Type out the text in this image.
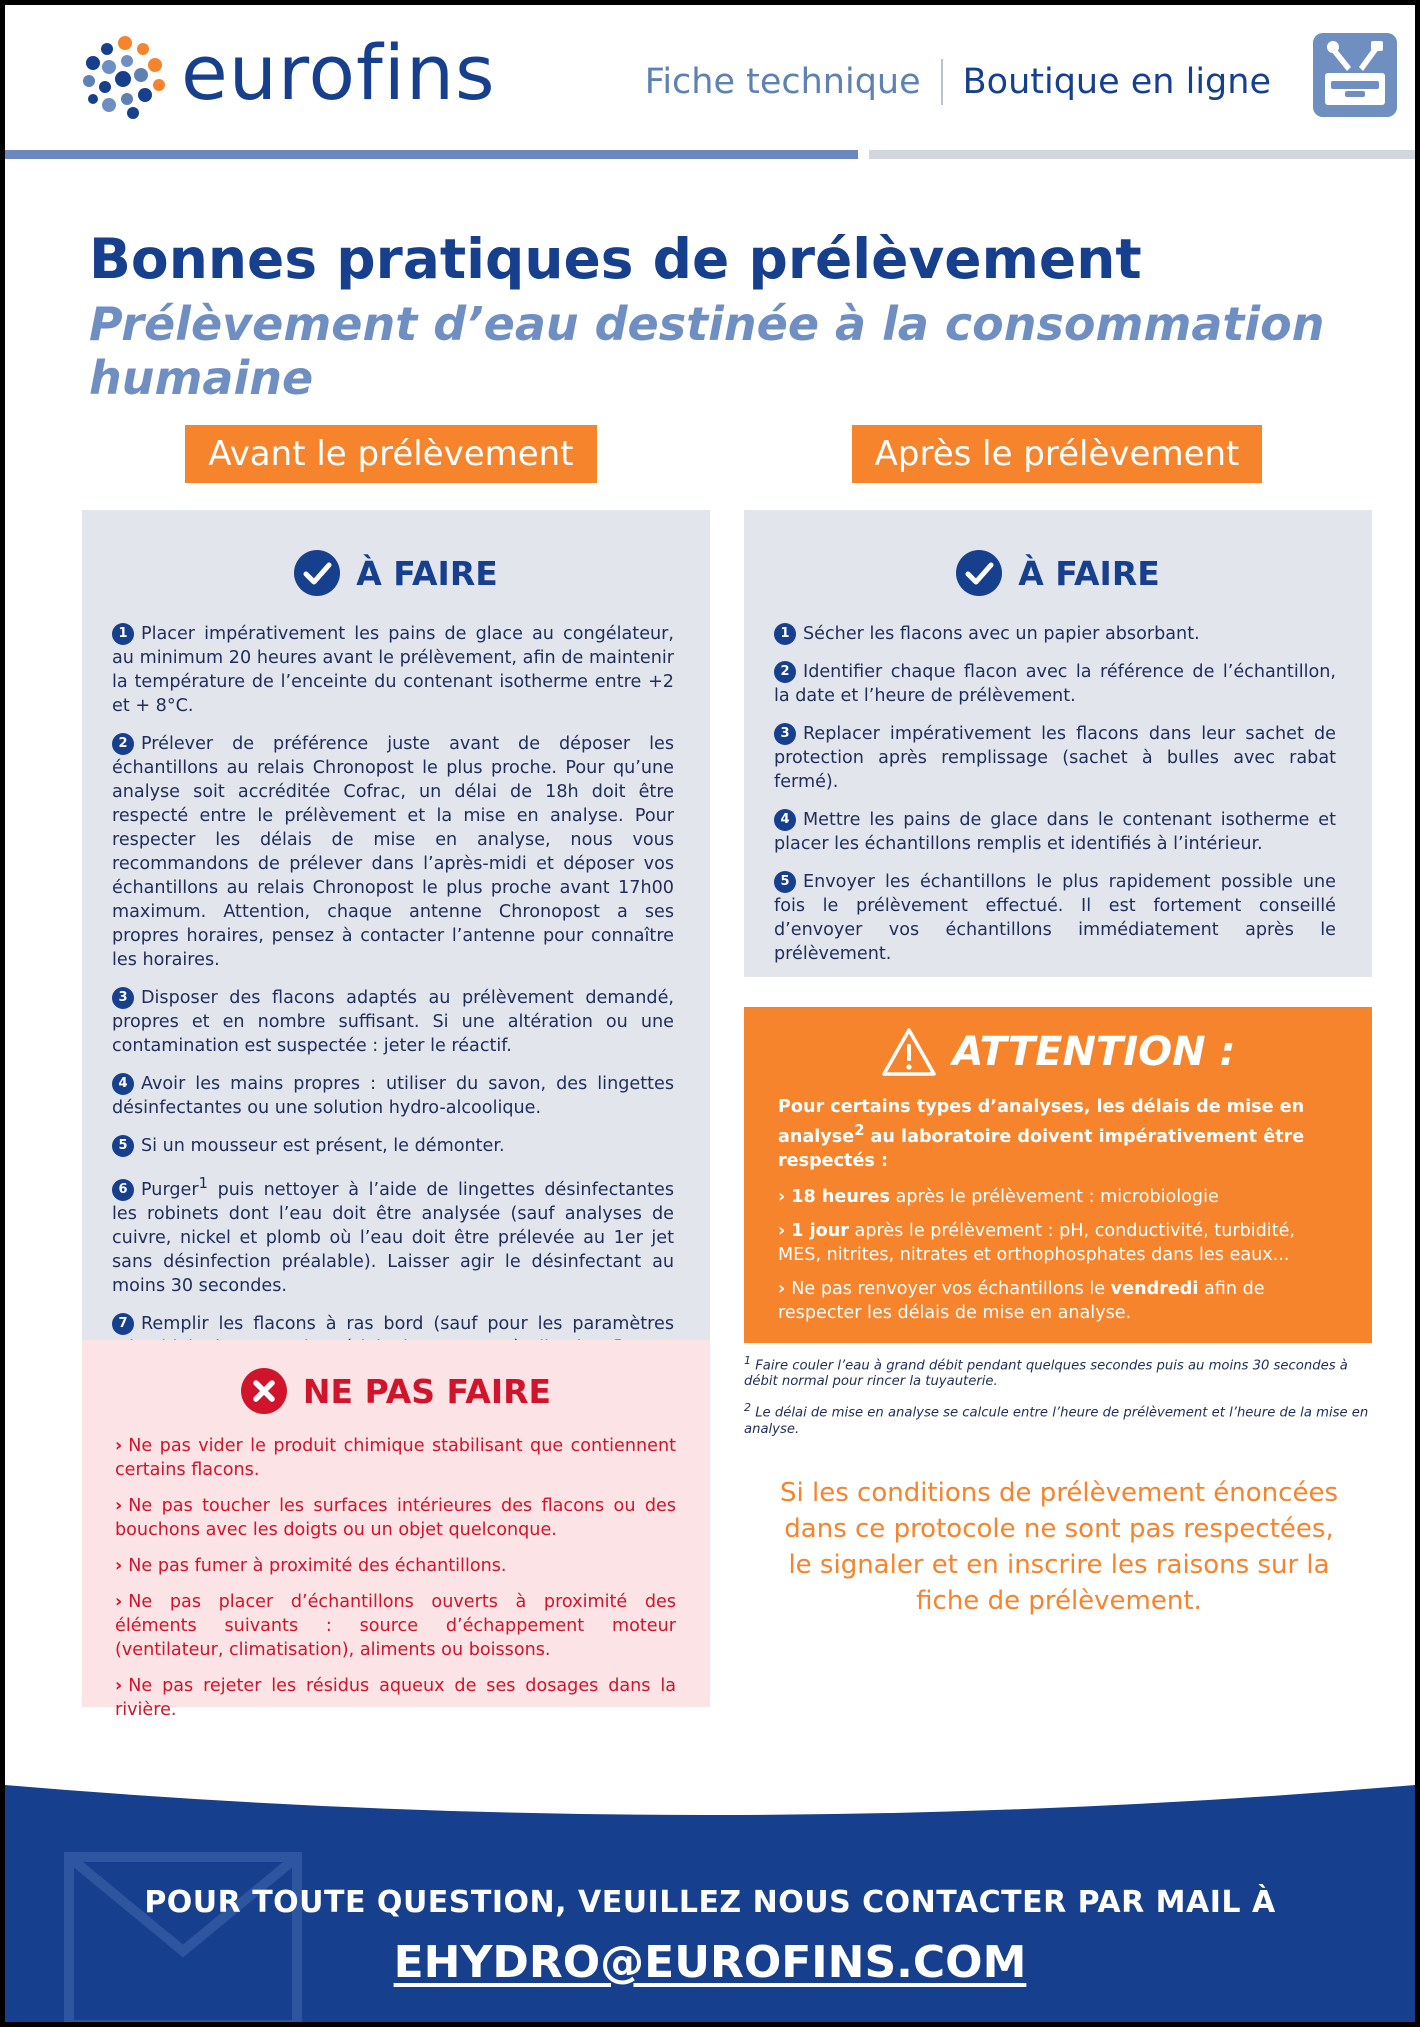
eurofins	Fiche technique Boutique en ligne
Bonnes pratiques de prélèvement
Prélèvement d’eau destinée à la consommation humaine
Avant le prélèvement	Après le prélèvement
À FAIRE

1 Placer impérativement les pains de glace au congélateur, au minimum 20 heures avant le prélèvement, afin de maintenir la température de l’enceinte du contenant isotherme entre +2 et + 8°C.

2 Prélever de préférence juste avant de déposer les échantillons au relais Chronopost le plus proche. Pour qu’une analyse soit accréditée Cofrac, un délai de 18h doit être respecté entre le prélèvement et la mise en analyse. Pour respecter les délais de mise en analyse, nous vous recommandons de prélever dans l’après-midi et déposer vos échantillons au relais Chronopost le plus proche avant 17h00 maximum. Attention, chaque antenne Chronopost a ses propres horaires, pensez à contacter l’antenne pour connaître les horaires.

3 Disposer des flacons adaptés au prélèvement demandé, propres et en nombre suffisant. Si une altération ou une contamination est suspectée : jeter le réactif.

4 Avoir les mains propres : utiliser du savon, des lingettes désinfectantes ou une solution hydro-alcoolique.

5 Si un mousseur est présent, le démonter.

6 Purger$^1$ puis nettoyer à l’aide de lingettes désinfectantes les robinets dont l’eau doit être analysée (sauf analyses de cuivre, nickel et plomb où l’eau doit être prélevée au 1er jet sans désinfection préalable). Laisser agir le désinfectant au moins 30 secondes.

7 Remplir les flacons à ras bord (sauf pour les paramètres

NE PAS FAIRE

› Ne pas vider le produit chimique stabilisant que contiennent certains flacons.

› Ne pas toucher les surfaces intérieures des flacons ou des bouchons avec les doigts ou un objet quelconque.

› Ne pas fumer à proximité des échantillons.

› Ne pas placer d’échantillons ouverts à proximité des éléments suivants : source d’échappement moteur (ventilateur, climatisation), aliments ou boissons.

› Ne pas rejeter les résidus aqueux de ses dosages dans la rivière.

À FAIRE

1 Sécher les flacons avec un papier absorbant.

2 Identifier chaque flacon avec la référence de l’échantillon, la date et l’heure de prélèvement.

3 Replacer impérativement les flacons dans leur sachet de protection après remplissage (sachet à bulles avec rabat fermé).

4 Mettre les pains de glace dans le contenant isotherme et placer les échantillons remplis et identifiés à l’intérieur.

5 Envoyer les échantillons le plus rapidement possible une fois le prélèvement effectué. Il est fortement conseillé d’envoyer vos échantillons immédiatement après le prélèvement.

ATTENTION :

Pour certains types d’analyses, les délais de mise en analyse$^2$ au laboratoire doivent impérativement être respectés :

› 18 heures après le prélèvement : microbiologie

› 1 jour après le prélèvement : pH, conductivité, turbidité, MES, nitrites, nitrates et orthophosphates dans les eaux...

› Ne pas renvoyer vos échantillons le vendredi afin de respecter les délais de mise en analyse.

$^1$ Faire couler l’eau à grand débit pendant quelques secondes puis au moins 30 secondes à débit normal pour rincer la tuyauterie.

$^2$ Le délai de mise en analyse se calcule entre l’heure de prélèvement et l’heure de la mise en analyse.

Si les conditions de prélèvement énoncées dans ce protocole ne sont pas respectées, le signaler et en inscrire les raisons sur la fiche de prélèvement.

POUR TOUTE QUESTION, VEUILLEZ NOUS CONTACTER PAR MAIL À
EHYDRO@EUROFINS.COM
